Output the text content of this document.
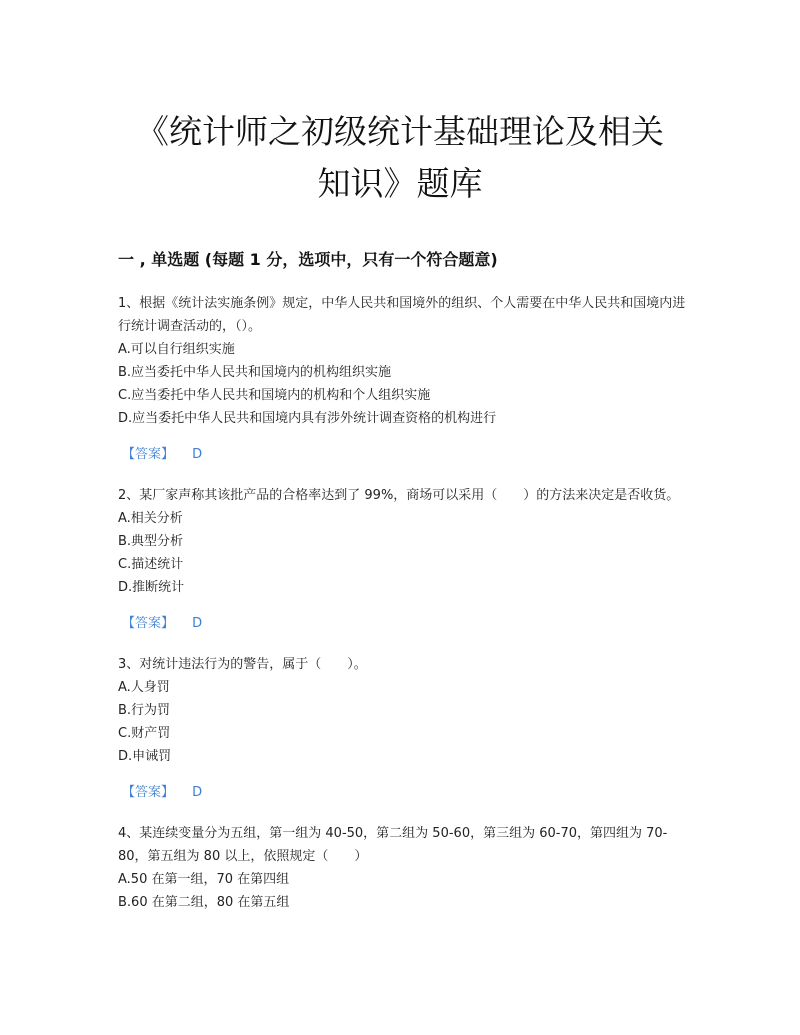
《统计师之初级统计基础理论及相关
知识》题库
一 , 单选题 (每题 1 分，选项中，只有一个符合题意)
1、根据《统计法实施条例》规定，中华人民共和国境外的组织、个人需要在中华人民共和国境内进行统计调查活动的，（）。
A.可以自行组织实施
B.应当委托中华人民共和国境内的机构组织实施
C.应当委托中华人民共和国境内的机构和个人组织实施
D.应当委托中华人民共和国境内具有涉外统计调查资格的机构进行
【答案】 D
2、某厂家声称其该批产品的合格率达到了 99%，商场可以采用（　　）的方法来决定是否收货。
A.相关分析
B.典型分析
C.描述统计
D.推断统计
【答案】 D
3、对统计违法行为的警告，属于（　　）。
A.人身罚
B.行为罚
C.财产罚
D.申诫罚
【答案】 D
4、某连续变量分为五组，第一组为 40-50，第二组为 50-60，第三组为 60-70，第四组为 70-80，第五组为 80 以上，依照规定（　　）
A.50 在第一组，70 在第四组
B.60 在第二组，80 在第五组
